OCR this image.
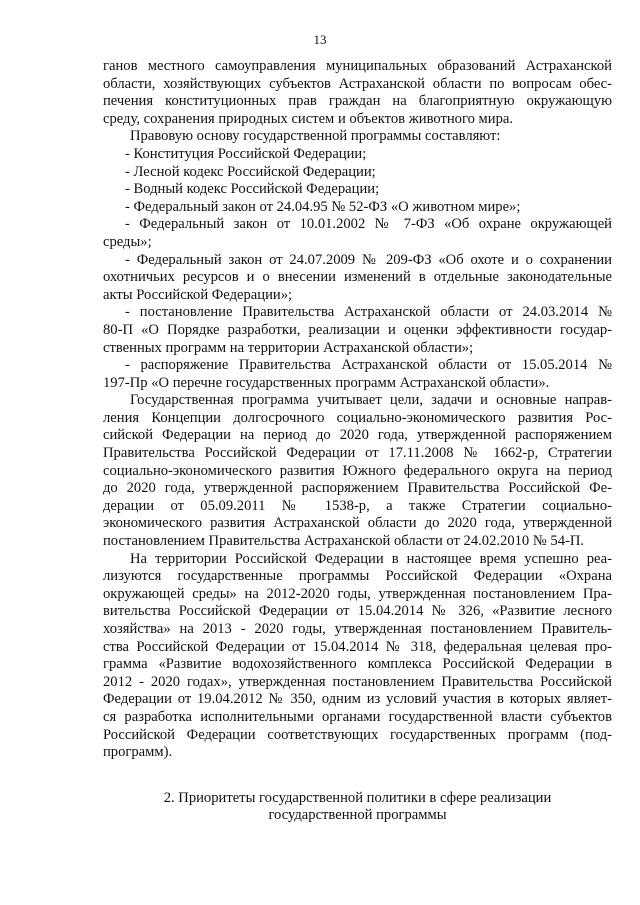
13
ганов местного самоуправления муниципальных образований Астраханской
области, хозяйствующих субъектов Астраханской области по вопросам обес-
печения конституционных прав граждан на благоприятную окружающую
среду, сохранения природных систем и объектов животного мира.
Правовую основу государственной программы составляют:
- Конституция Российской Федерации;
- Лесной кодекс Российской Федерации;
- Водный кодекс Российской Федерации;
- Федеральный закон от 24.04.95 № 52-ФЗ «О животном мире»;
- Федеральный закон от 10.01.2002 № 7-ФЗ «Об охране окружающей
среды»;
- Федеральный закон от 24.07.2009 № 209-ФЗ «Об охоте и о сохранении
охотничьих ресурсов и о внесении изменений в отдельные законодательные
акты Российской Федерации»;
- постановление Правительства Астраханской области от 24.03.2014 №
80-П «О Порядке разработки, реализации и оценки эффективности государ-
ственных программ на территории Астраханской области»;
- распоряжение Правительства Астраханской области от 15.05.2014 №
197-Пр «О перечне государственных программ Астраханской области».
Государственная программа учитывает цели, задачи и основные направ-
ления Концепции долгосрочного социально-экономического развития Рос-
сийской Федерации на период до 2020 года, утвержденной распоряжением
Правительства Российской Федерации от 17.11.2008 № 1662-р, Стратегии
социально-экономического развития Южного федерального округа на период
до 2020 года, утвержденной распоряжением Правительства Российской Фе-
дерации от 05.09.2011 № 1538-р, а также Стратегии социально-
экономического развития Астраханской области до 2020 года, утвержденной
постановлением Правительства Астраханской области от 24.02.2010 № 54-П.
На территории Российской Федерации в настоящее время успешно реа-
лизуются государственные программы Российской Федерации «Охрана
окружающей среды» на 2012-2020 годы, утвержденная постановлением Пра-
вительства Российской Федерации от 15.04.2014 № 326, «Развитие лесного
хозяйства» на 2013 - 2020 годы, утвержденная постановлением Правитель-
ства Российской Федерации от 15.04.2014 № 318, федеральная целевая про-
грамма «Развитие водохозяйственного комплекса Российской Федерации в
2012 - 2020 годах», утвержденная постановлением Правительства Российской
Федерации от 19.04.2012 № 350, одним из условий участия в которых являет-
ся разработка исполнительными органами государственной власти субъектов
Российской Федерации соответствующих государственных программ (под-
программ).
2. Приоритеты государственной политики в сфере реализации
государственной программы
